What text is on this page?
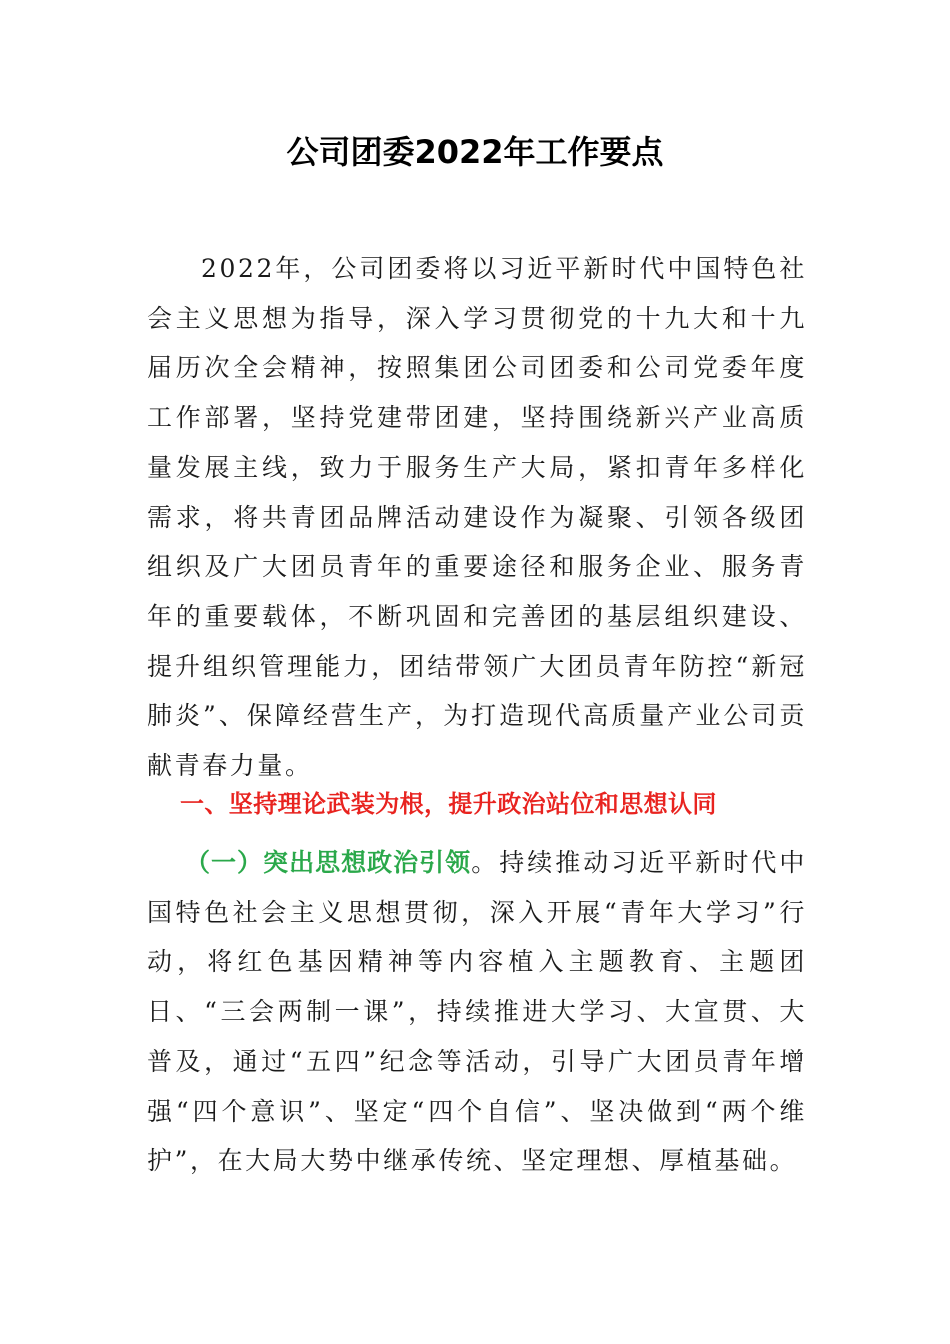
公司团委2022年工作要点

2022年，公司团委将以习近平新时代中国特色社会主义思想为指导，深入学习贯彻党的十九大和十九届历次全会精神，按照集团公司团委和公司党委年度工作部署，坚持党建带团建，坚持围绕新兴产业高质量发展主线，致力于服务生产大局，紧扣青年多样化需求，将共青团品牌活动建设作为凝聚、引领各级团组织及广大团员青年的重要途径和服务企业、服务青年的重要载体，不断巩固和完善团的基层组织建设、提升组织管理能力，团结带领广大团员青年防控“新冠肺炎”、保障经营生产，为打造现代高质量产业公司贡献青春力量。

一、坚持理论武装为根，提升政治站位和思想认同

（一）突出思想政治引领。持续推动习近平新时代中国特色社会主义思想贯彻，深入开展“青年大学习”行动，将红色基因精神等内容植入主题教育、主题团日、“三会两制一课”，持续推进大学习、大宣贯、大普及，通过“五四”纪念等活动，引导广大团员青年增强“四个意识”、坚定“四个自信”、坚决做到“两个维护”，在大局大势中继承传统、坚定理想、厚植基础。
